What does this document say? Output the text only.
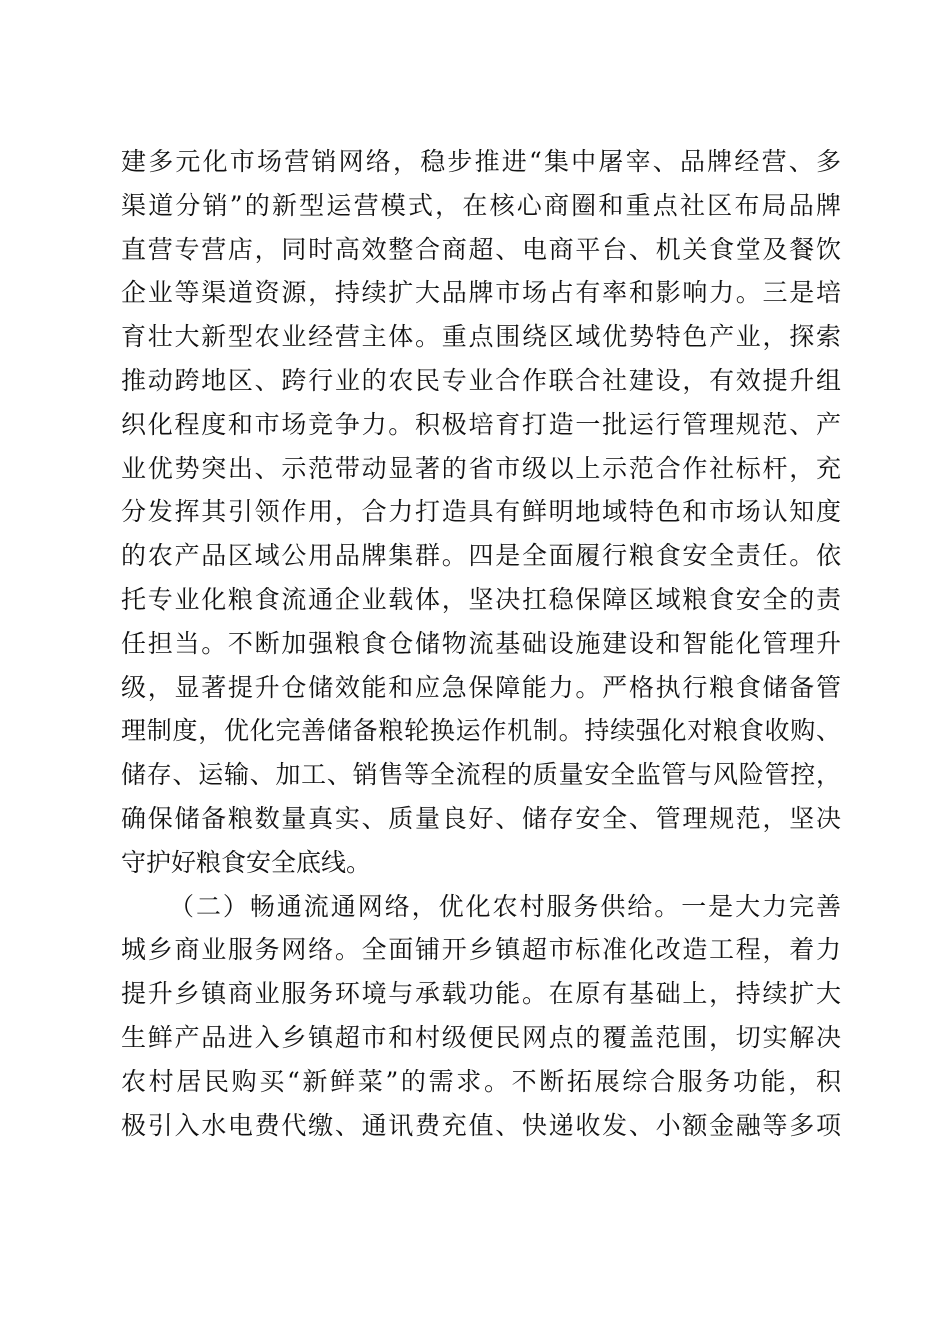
建多元化市场营销网络，稳步推进“集中屠宰、品牌经营、多
渠道分销”的新型运营模式，在核心商圈和重点社区布局品牌
直营专营店，同时高效整合商超、电商平台、机关食堂及餐饮
企业等渠道资源，持续扩大品牌市场占有率和影响力。三是培
育壮大新型农业经营主体。重点围绕区域优势特色产业，探索
推动跨地区、跨行业的农民专业合作联合社建设，有效提升组
织化程度和市场竞争力。积极培育打造一批运行管理规范、产
业优势突出、示范带动显著的省市级以上示范合作社标杆，充
分发挥其引领作用，合力打造具有鲜明地域特色和市场认知度
的农产品区域公用品牌集群。四是全面履行粮食安全责任。依
托专业化粮食流通企业载体，坚决扛稳保障区域粮食安全的责
任担当。不断加强粮食仓储物流基础设施建设和智能化管理升
级，显著提升仓储效能和应急保障能力。严格执行粮食储备管
理制度，优化完善储备粮轮换运作机制。持续强化对粮食收购、
储存、运输、加工、销售等全流程的质量安全监管与风险管控，
确保储备粮数量真实、质量良好、储存安全、管理规范，坚决
守护好粮食安全底线。
（二）畅通流通网络，优化农村服务供给。一是大力完善
城乡商业服务网络。全面铺开乡镇超市标准化改造工程，着力
提升乡镇商业服务环境与承载功能。在原有基础上，持续扩大
生鲜产品进入乡镇超市和村级便民网点的覆盖范围，切实解决
农村居民购买“新鲜菜”的需求。不断拓展综合服务功能，积
极引入水电费代缴、通讯费充值、快递收发、小额金融等多项
